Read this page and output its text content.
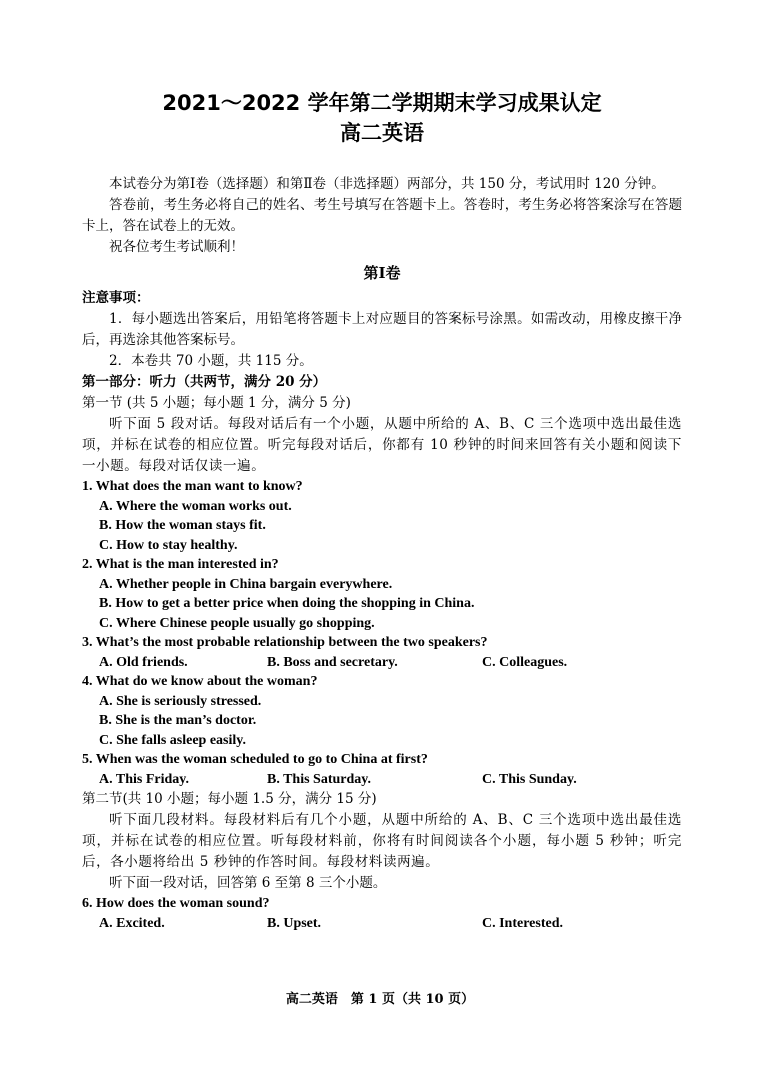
2021～2022 学年第二学期期末学习成果认定
高二英语

本试卷分为第Ⅰ卷（选择题）和第Ⅱ卷（非选择题）两部分，共 150 分，考试用时 120 分钟。

答卷前，考生务必将自己的姓名、考生号填写在答题卡上。答卷时，考生务必将答案涂写在答题卡上，答在试卷上的无效。

祝各位考生考试顺利！

第Ⅰ卷

注意事项：

1．每小题选出答案后，用铅笔将答题卡上对应题目的答案标号涂黑。如需改动，用橡皮擦干净后，再选涂其他答案标号。

2．本卷共 70 小题，共 115 分。

第一部分：听力（共两节，满分 20 分）

第一节 (共 5 小题；每小题 1 分，满分 5 分)

听下面 5 段对话。每段对话后有一个小题，从题中所给的 A、B、C 三个选项中选出最佳选项，并标在试卷的相应位置。听完每段对话后，你都有 10 秒钟的时间来回答有关小题和阅读下一小题。每段对话仅读一遍。

1. What does the man want to know?
A. Where the woman works out.
B. How the woman stays fit.
C. How to stay healthy.
2. What is the man interested in?
A. Whether people in China bargain everywhere.
B. How to get a better price when doing the shopping in China.
C. Where Chinese people usually go shopping.
3. What’s the most probable relationship between the two speakers?
A. Old friends.	B. Boss and secretary.	C. Colleagues.
4. What do we know about the woman?
A. She is seriously stressed.
B. She is the man’s doctor.
C. She falls asleep easily.
5. When was the woman scheduled to go to China at first?
A. This Friday.	B. This Saturday.	C. This Sunday.

第二节(共 10 小题；每小题 1.5 分，满分 15 分)

听下面几段材料。每段材料后有几个小题，从题中所给的 A、B、C 三个选项中选出最佳选项，并标在试卷的相应位置。听每段材料前，你将有时间阅读各个小题，每小题 5 秒钟；听完后，各小题将给出 5 秒钟的作答时间。每段材料读两遍。

听下面一段对话，回答第 6 至第 8 三个小题。

6. How does the woman sound?
A. Excited.	B. Upset.	C. Interested.
高二英语　第 1 页（共 10 页）
